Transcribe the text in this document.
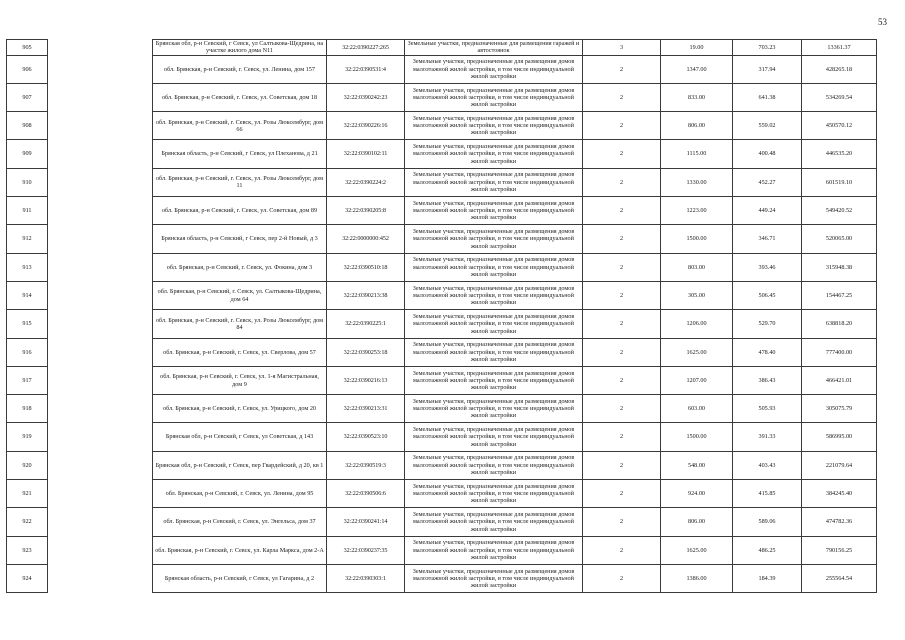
53
905		Брянская обл, р-н Севский, г Севск, ул Салтыкова-Щедрина, на участке жилого дома N11	32:22:0390227:265	Земельные участки, предназначенные для размещения гаражей и автостоянок	3	19.00	703.23	13361.37
906		обл. Брянская, р-н Севский, г. Севск, ул. Ленина, дом 157	32:22:0390531:4	Земельные участки, предназначенные для размещения домов малоэтажной жилой застройки, в том числе индивидуальной жилой застройки	2	1347.00	317.94	428265.18
907		обл. Брянская, р-н Севский, г. Севск, ул. Советская, дом 18	32:22:0390242:23	Земельные участки, предназначенные для размещения домов малоэтажной жилой застройки, в том числе индивидуальной жилой застройки	2	833.00	641.38	534269.54
908		обл. Брянская, р-н Севский, г. Севск, ул. Розы Люксембург, дом 66	32:22:0390226:16	Земельные участки, предназначенные для размещения домов малоэтажной жилой застройки, в том числе индивидуальной жилой застройки	2	806.00	559.02	450570.12
909		Брянская область, р-н Севский, г Севск, ул Плеханова, д 21	32:22:0390102:11	Земельные участки, предназначенные для размещения домов малоэтажной жилой застройки, в том числе индивидуальной жилой застройки	2	1115.00	400.48	446535.20
910		обл. Брянская, р-н Севский, г. Севск, ул. Розы Люксембург, дом 11	32:22:0390224:2	Земельные участки, предназначенные для размещения домов малоэтажной жилой застройки, в том числе индивидуальной жилой застройки	2	1330.00	452.27	601519.10
911		обл. Брянская, р-н Севский, г. Севск, ул. Советская, дом 89	32:22:0390205:8	Земельные участки, предназначенные для размещения домов малоэтажной жилой застройки, в том числе индивидуальной жилой застройки	2	1223.00	449.24	549420.52
912		Брянская область, р-н Севский, г Севск, пер 2-й Новый, д 3	32:22:0000000:452	Земельные участки, предназначенные для размещения домов малоэтажной жилой застройки, в том числе индивидуальной жилой застройки	2	1500.00	346.71	520065.00
913		обл. Брянская, р-н Севский, г. Севск, ул. Фокина, дом 3	32:22:0390510:18	Земельные участки, предназначенные для размещения домов малоэтажной жилой застройки, в том числе индивидуальной жилой застройки	2	803.00	393.46	315948.38
914		обл. Брянская, р-н Севский, г. Севск, ул. Салтыкова-Щедрина, дом 64	32:22:0390213:38	Земельные участки, предназначенные для размещения домов малоэтажной жилой застройки, в том числе индивидуальной жилой застройки	2	305.00	506.45	154467.25
915		обл. Брянская, р-н Севский, г. Севск, ул. Розы Люксембург, дом 84	32:22:0390225:1	Земельные участки, предназначенные для размещения домов малоэтажной жилой застройки, в том числе индивидуальной жилой застройки	2	1206.00	529.70	638818.20
916		обл. Брянская, р-н Севский, г. Севск, ул. Сверлова, дом 57	32:22:0390253:18	Земельные участки, предназначенные для размещения домов малоэтажной жилой застройки, в том числе индивидуальной жилой застройки	2	1625.00	478.40	777400.00
917		обл. Брянская, р-н Севский, г. Севск, ул. 1-я Магистральная, дом 9	32:22:0390216:13	Земельные участки, предназначенные для размещения домов малоэтажной жилой застройки, в том числе индивидуальной жилой застройки	2	1207.00	386.43	466421.01
918		обл. Брянская, р-н Севский, г. Севск, ул. Урицкого, дом 20	32:22:0390213:31	Земельные участки, предназначенные для размещения домов малоэтажной жилой застройки, в том числе индивидуальной жилой застройки	2	603.00	505.93	305075.79
919		Брянская обл, р-н Севский, г Севск, ул Советская, д 143	32:22:0390523:10	Земельные участки, предназначенные для размещения домов малоэтажной жилой застройки, в том числе индивидуальной жилой застройки	2	1500.00	391.33	586995.00
920		Брянская обл, р-н Севский, г Севск, пер Гвардейский, д 20, кв 1	32:22:0390519:3	Земельные участки, предназначенные для размещения домов малоэтажной жилой застройки, в том числе индивидуальной жилой застройки	2	548.00	403.43	221079.64
921		обл. Брянская, р-н Севский, г. Севск, ул. Ленина, дом 95	32:22:0390506:6	Земельные участки, предназначенные для размещения домов малоэтажной жилой застройки, в том числе индивидуальной жилой застройки	2	924.00	415.85	384245.40
922		обл. Брянская, р-н Севский, г. Севск, ул. Энгельса, дом 37	32:22:0390241:14	Земельные участки, предназначенные для размещения домов малоэтажной жилой застройки, в том числе индивидуальной жилой застройки	2	806.00	589.06	474782.36
923		обл. Брянская, р-н Севский, г. Севск, ул. Карла Маркса, дом 2-А	32:22:0390237:35	Земельные участки, предназначенные для размещения домов малоэтажной жилой застройки, в том числе индивидуальной жилой застройки	2	1625.00	486.25	790156.25
924		Брянская область, р-н Севский, г Севск, ул Гагарина, д 2	32:22:0390303:1	Земельные участки, предназначенные для размещения домов малоэтажной жилой застройки, в том числе индивидуальной жилой застройки	2	1386.00	184.39	255564.54
